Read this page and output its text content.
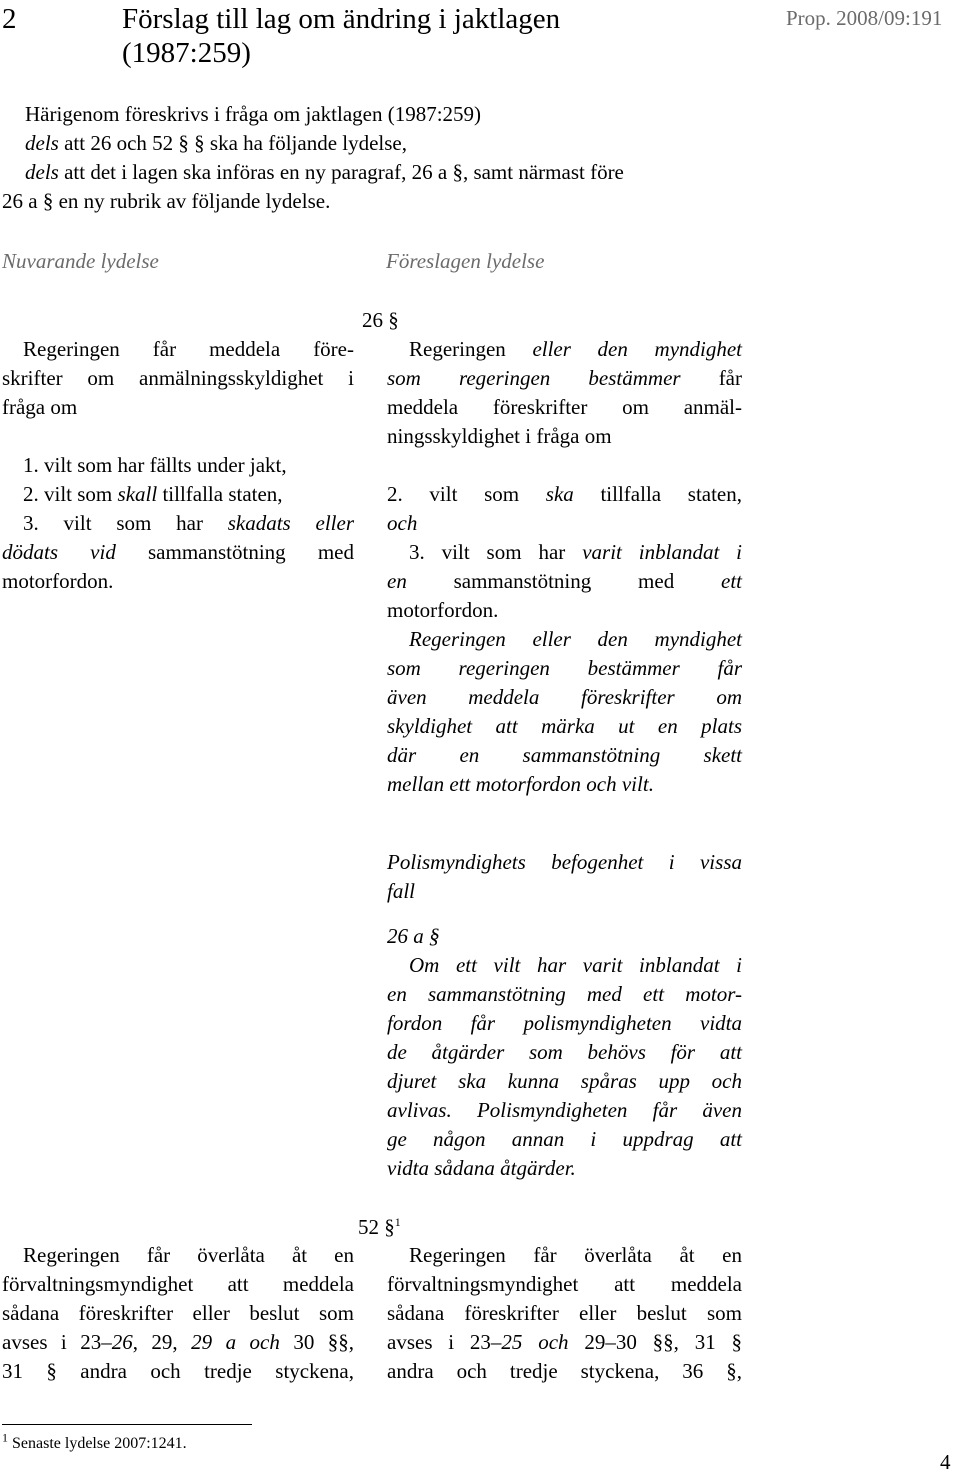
2	Förslag till lag om ändring i jaktlagen
(1987:259)
Prop. 2008/09:191
Härigenom föreskrivs i fråga om jaktlagen (1987:259)
dels att 26 och 52 § § ska ha följande lydelse,
dels att det i lagen ska införas en ny paragraf, 26 a §, samt närmast före
26 a § en ny rubrik av följande lydelse.
Nuvarande lydelse	Föreslagen lydelse
26 §
Regeringen får meddela före-
skrifter om anmälningsskyldighet i
fråga om
1. vilt som har fällts under jakt,
2. vilt som skall tillfalla staten,
3. vilt som har skadats eller
dödats vid sammanstötning med
motorfordon.
Regeringen eller den myndighet
som regeringen bestämmer får
meddela föreskrifter om anmäl-
ningsskyldighet i fråga om
2. vilt som ska tillfalla staten,
och
3. vilt som har varit inblandat i
en sammanstötning med ett
motorfordon.
Regeringen eller den myndighet
som regeringen bestämmer får
även meddela föreskrifter om
skyldighet att märka ut en plats
där en sammanstötning skett
mellan ett motorfordon och vilt.
Polismyndighets befogenhet i vissa
fall
26 a §
Om ett vilt har varit inblandat i
en sammanstötning med ett motor-
fordon får polismyndigheten vidta
de åtgärder som behövs för att
djuret ska kunna spåras upp och
avlivas. Polismyndigheten får även
ge någon annan i uppdrag att
vidta sådana åtgärder.
52 §$^1$
Regeringen får överlåta åt en
förvaltningsmyndighet att meddela
sådana föreskrifter eller beslut som
avses i 23–26, 29, 29 a och 30 §§,
31 § andra och tredje styckena,
Regeringen får överlåta åt en
förvaltningsmyndighet att meddela
sådana föreskrifter eller beslut som
avses i 23–25 och 29–30 §§, 31 §
andra och tredje styckena, 36 §,
$^1$ Senaste lydelse 2007:1241.
4
